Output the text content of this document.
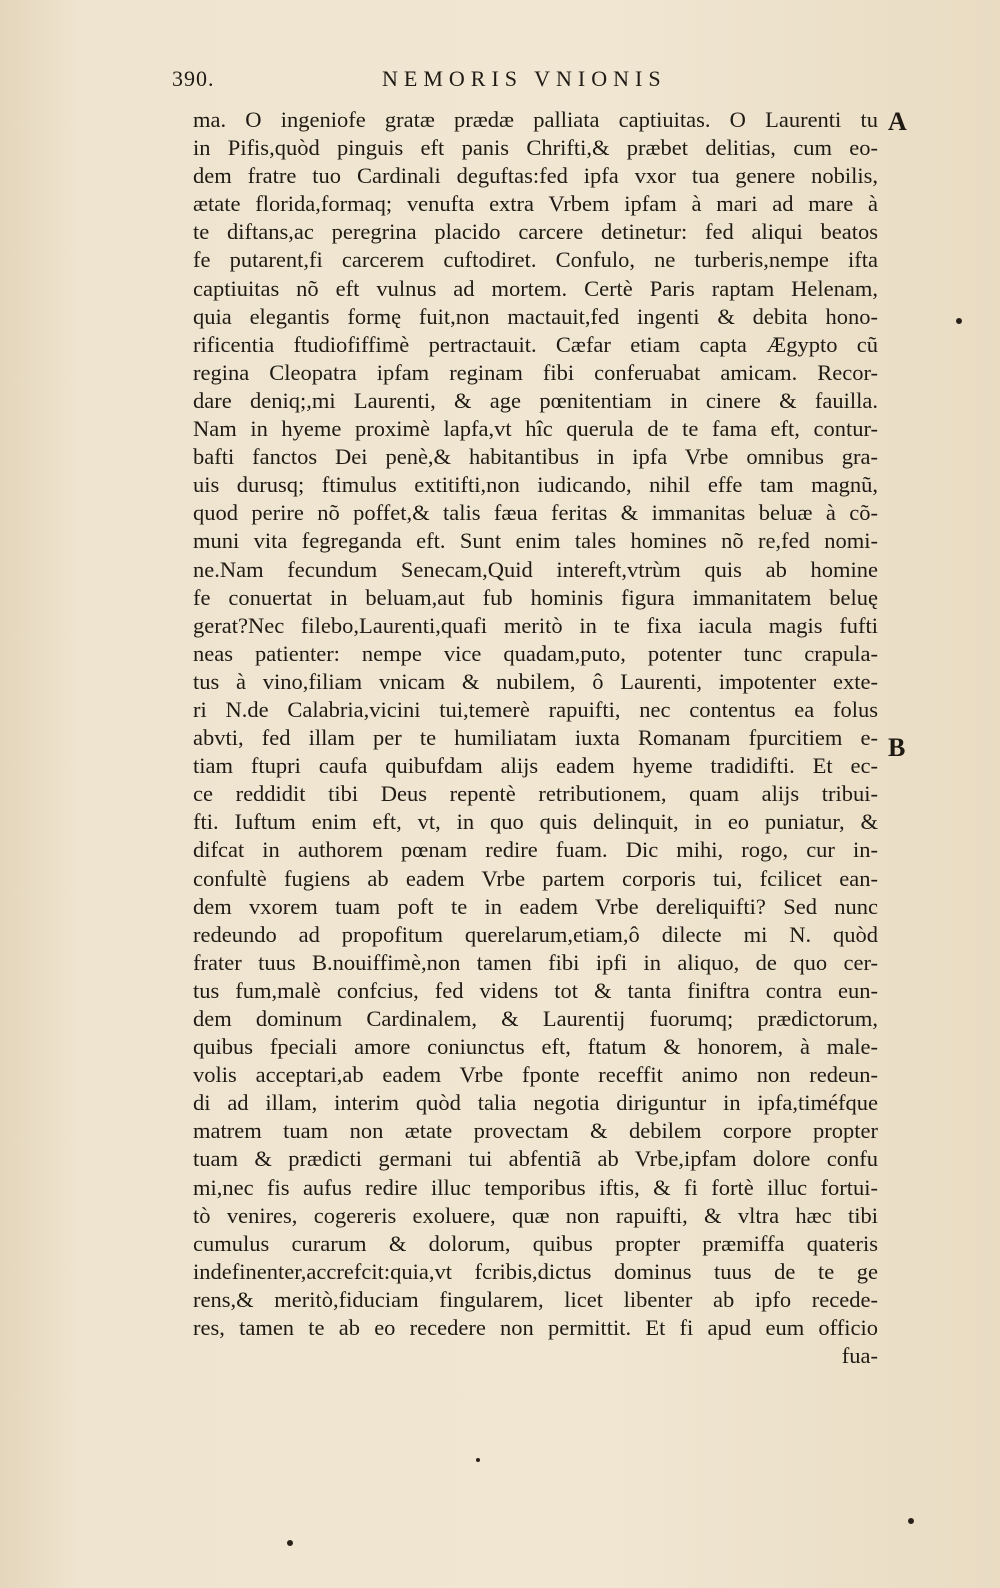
390.	NEMORIS VNIONIS
A
B
ma. O ingeniofe gratæ prædæ palliata captiuitas. O Laurenti tu
in Pifis,quòd pinguis eft panis Chrifti,& præbet delitias, cum eo-
dem fratre tuo Cardinali deguftas:fed ipfa vxor tua genere nobilis,
ætate florida,formaq; venufta extra Vrbem ipfam à mari ad mare à
te diftans,ac peregrina placido carcere detinetur: fed aliqui beatos
fe putarent,fi carcerem cuftodiret. Confulo, ne turberis,nempe ifta
captiuitas nõ eft vulnus ad mortem. Certè Paris raptam Helenam,
quia elegantis formę fuit,non mactauit,fed ingenti & debita hono-
rificentia ftudiofiffimè pertractauit. Cæfar etiam capta Ægypto cũ
regina Cleopatra ipfam reginam fibi conferuabat amicam. Recor-
dare deniq;,mi Laurenti, & age pœnitentiam in cinere & fauilla.
Nam in hyeme proximè lapfa,vt hîc querula de te fama eft, contur-
bafti fanctos Dei penè,& habitantibus in ipfa Vrbe omnibus gra-
uis durusq; ftimulus extitifti,non iudicando, nihil effe tam magnũ,
quod perire nõ poffet,& talis fæua feritas & immanitas beluæ à cõ-
muni vita fegreganda eft. Sunt enim tales homines nõ re,fed nomi-
ne.Nam fecundum Senecam,Quid intereft,vtrùm quis ab homine
fe conuertat in beluam,aut fub hominis figura immanitatem beluę
gerat?Nec filebo,Laurenti,quafi meritò in te fixa iacula magis fufti
neas patienter: nempe vice quadam,puto, potenter tunc crapula-
tus à vino,filiam vnicam & nubilem, ô Laurenti, impotenter exte-
ri N.de Calabria,vicini tui,temerè rapuifti, nec contentus ea folus
abvti, fed illam per te humiliatam iuxta Romanam fpurcitiem e-
tiam ftupri caufa quibufdam alijs eadem hyeme tradidifti. Et ec-
ce reddidit tibi Deus repentè retributionem, quam alijs tribui-
fti. Iuftum enim eft, vt, in quo quis delinquit, in eo puniatur, &
difcat in authorem pœnam redire fuam. Dic mihi, rogo, cur in-
confultè fugiens ab eadem Vrbe partem corporis tui, fcilicet ean-
dem vxorem tuam poft te in eadem Vrbe dereliquifti? Sed nunc
redeundo ad propofitum querelarum,etiam,ô dilecte mi N. quòd
frater tuus B.nouiffimè,non tamen fibi ipfi in aliquo, de quo cer-
tus fum,malè confcius, fed videns tot & tanta finiftra contra eun-
dem dominum Cardinalem, & Laurentij fuorumq; prædictorum,
quibus fpeciali amore coniunctus eft, ftatum & honorem, à male-
volis acceptari,ab eadem Vrbe fponte receffit animo non redeun-
di ad illam, interim quòd talia negotia diriguntur in ipfa,timéfque
matrem tuam non ætate provectam & debilem corpore propter
tuam & prædicti germani tui abfentiã ab Vrbe,ipfam dolore confu
mi,nec fis aufus redire illuc temporibus iftis, & fi fortè illuc fortui-
tò venires, cogereris exoluere, quæ non rapuifti, & vltra hæc tibi
cumulus curarum & dolorum, quibus propter præmiffa quateris
indefinenter,accrefcit:quia,vt fcribis,dictus dominus tuus de te ge
rens,& meritò,fiduciam fingularem, licet libenter ab ipfo recede-
res, tamen te ab eo recedere non permittit. Et fi apud eum officio
fua-
